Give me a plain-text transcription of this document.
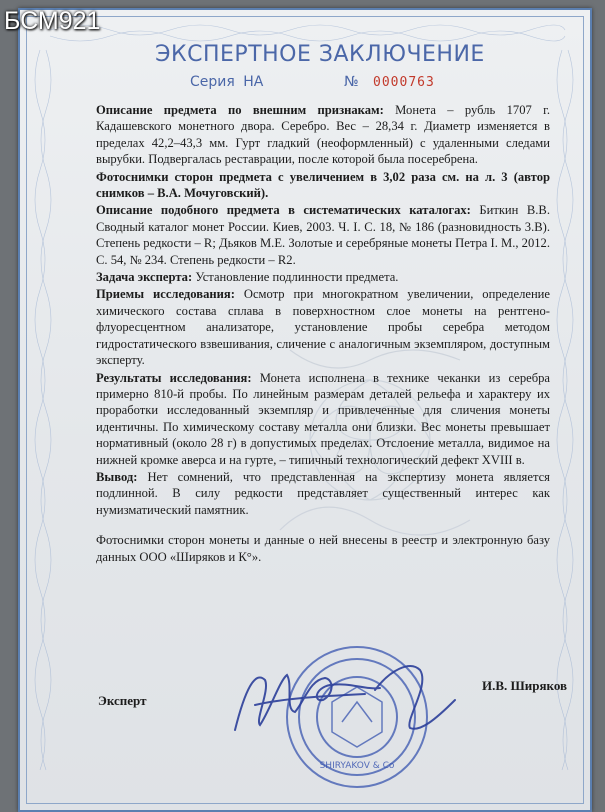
БСМ921
ЭКСПЕРТНОЕ ЗАКЛЮЧЕНИЕ
Серия НА	№ 0000763

Описание предмета по внешним признакам: Монета – рубль 1707 г. Кадашевского монетного двора. Серебро. Вес – 28,34 г. Диаметр изменяется в пределах 42,2–43,3 мм. Гурт гладкий (неоформленный) с удаленными следами вырубки. Подвергалась реставрации, после которой была посеребрена.

Фотоснимки сторон предмета с увеличением в 3,02 раза см. на л. 3 (автор снимков – В.А. Мочуговский).

Описание подобного предмета в систематических каталогах: Биткин В.В. Сводный каталог монет России. Киев, 2003. Ч. I. С. 18, № 186 (разновидность 3.В). Степень редкости – R; Дьяков М.Е. Золотые и серебряные монеты Петра I. М., 2012. С. 54, № 234. Степень редкости – R2.

Задача эксперта: Установление подлинности предмета.

Приемы исследования: Осмотр при многократном увеличении, определение химического состава сплава в поверхностном слое монеты на рентгено-флуоресцентном анализаторе, установление пробы серебра методом гидростатического взвешивания, сличение с аналогичным экземпляром, доступным эксперту.

Результаты исследования: Монета исполнена в технике чеканки из серебра примерно 810-й пробы. По линейным размерам деталей рельефа и характеру их проработки исследованный экземпляр и привлеченные для сличения монеты идентичны. По химическому составу металла они близки. Вес монеты превышает нормативный (около 28 г) в допустимых пределах. Отслоение металла, видимое на нижней кромке аверса и на гурте, – типичный технологический дефект XVIII в.

Вывод: Нет сомнений, что представленная на экспертизу монета является подлинной. В силу редкости представляет существенный интерес как нумизматический памятник.

Фотоснимки сторон монеты и данные о ней внесены в реестр и электронную базу данных ООО «Ширяков и К°».

SHIRYAKOV & Co
Эксперт
И.В. Ширяков
